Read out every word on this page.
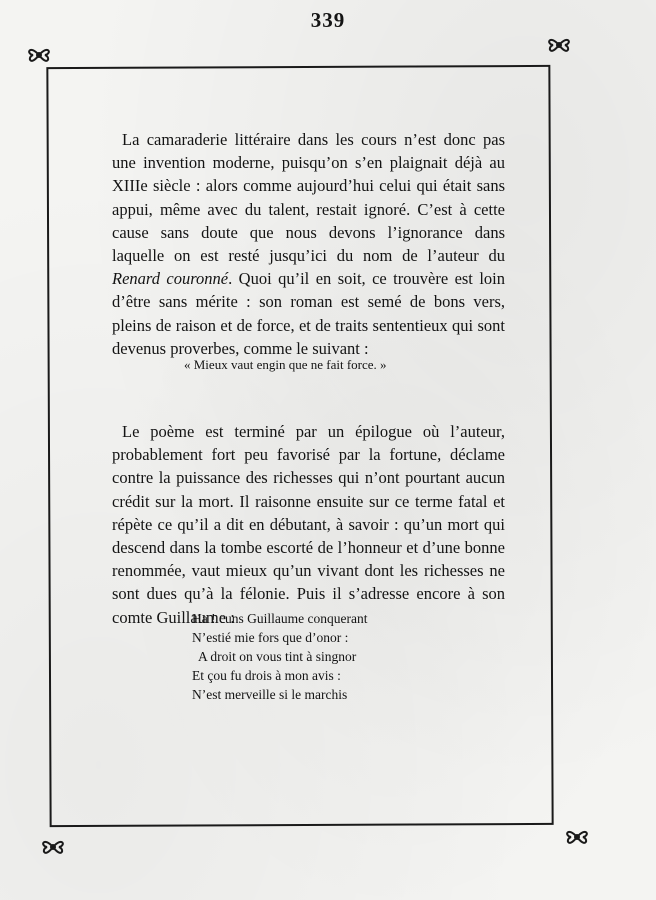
339

La camaraderie littéraire dans les cours n’est donc pas une invention moderne, puisqu’on s’en plaignait déjà au XIIIe siècle : alors comme aujourd’hui celui qui était sans appui, même avec du talent, restait ignoré. C’est à cette cause sans doute que nous devons l’ignorance dans laquelle on est resté jusqu’ici du nom de l’auteur du Renard couronné. Quoi qu’il en soit, ce trouvère est loin d’être sans mérite : son roman est semé de bons vers, pleins de raison et de force, et de traits sententieux qui sont devenus proverbes, comme le suivant :

« Mieux vaut engin que ne fait force. »

Le poème est terminé par un épilogue où l’auteur, probablement fort peu favorisé par la fortune, déclame contre la puissance des richesses qui n’ont pourtant aucun crédit sur la mort. Il raisonne ensuite sur ce terme fatal et répète ce qu’il a dit en débutant, à savoir : qu’un mort qui descend dans la tombe escorté de l’honneur et d’une bonne renommée, vaut mieux qu’un vivant dont les richesses ne sont dues qu’à la félonie. Puis il s’adresse encore à son comte Guillaume :

Ha ! cuns Guillaume conquerant
N’estié mie fors que d’onor :
A droit on vous tint à singnor
Et çou fu drois à mon avis :
N’est merveille si le marchis
